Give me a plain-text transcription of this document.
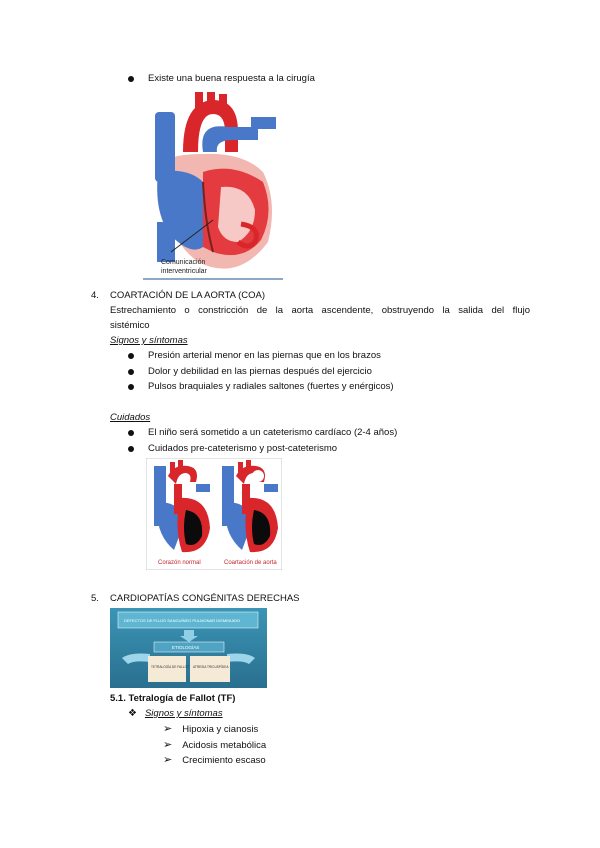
Existe una buena respuesta a la cirugía
Comunicación
interventricular
4. COARTACIÓN DE LA AORTA (COA)
Estrechamiento o constricción de la aorta ascendente, obstruyendo la salida del flujo
sistémico
Signos y síntomas
Presión arterial menor en las piernas que en los brazos
Dolor y debilidad en las piernas después del ejercicio
Pulsos braquiales y radiales saltones (fuertes y enérgicos)
Cuidados
El niño será sometido a un cateterismo cardíaco (2-4 años)
Cuidados pre-cateterismo y post-cateterismo
Corazón normal	Coartación de aorta
5. CARDIOPATÍAS CONGÉNITAS DERECHAS
DEFECTOS DE FLUJO SANGUÍNEO PULMONAR DISMINUIDO
ETIOLOGÍAS
TETRALOGÍA DE FALLOT ATRESIA TRICUSPÍDEA
5.1. Tetralogía de Fallot (TF)
❖ Signos y síntomas
➢ Hipoxia y cianosis
➢ Acidosis metabólica
➢ Crecimiento escaso
